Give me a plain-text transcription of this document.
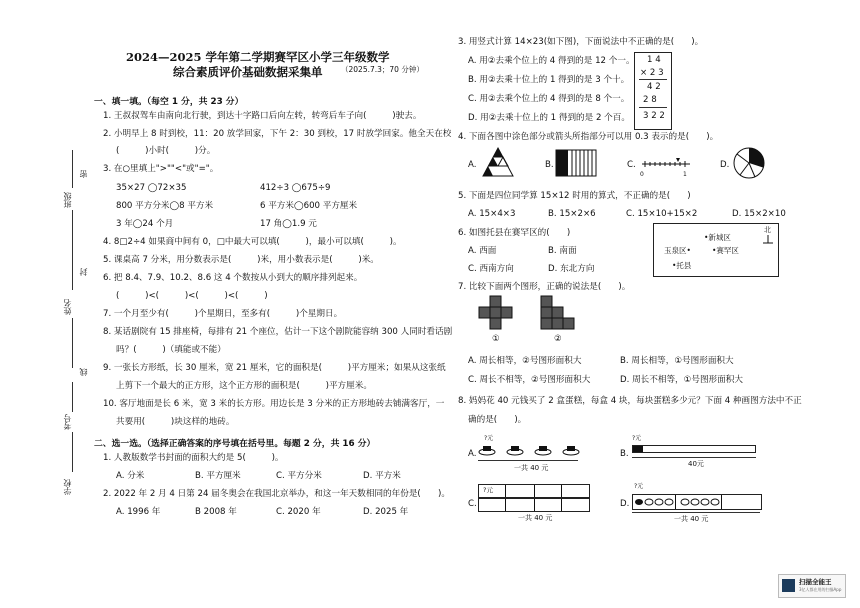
班级
密
封
姓名
线
考号
学校
2024—2025 学年第二学期赛罕区小学三年级数学
综合素质评价基础数据采集单 （2025.7.3；70 分钟）
一、填一填。（每空 1 分，共 23 分）
1. 王叔叔驾车由南向北行驶，到达十字路口后向左转，转弯后车子向(　　　)驶去。
2. 小明早上 8 时到校，11：20 放学回家，下午 2：30 到校，17 时放学回家。他全天在校
(　　　)小时(　　　)分。
3. 在○里填上">""<"或"="。
35×27 ◯72×35	412÷3 ◯675÷9
800 平方分米◯8 平方米	6 平方米◯600 平方厘米
3 年◯24 个月	17 角◯1.9 元
4. 8□2÷4 如果商中间有 0，□中最大可以填(　　　)，最小可以填(　　　)。
5. 课桌高 7 分米，用分数表示是(　　　)米，用小数表示是(　　　)米。
6. 把 8.4、7.9、10.2、8.6 这 4 个数按从小到大的顺序排列起来。
(　　　)<(　　　)<(　　　)<(　　　)
7. 一个月至少有(　　　)个星期日，至多有(　　　)个星期日。
8. 某话剧院有 15 排座椅，每排有 21 个座位，估计一下这个剧院能容纳 300 人同时看话剧
吗？(　　　)（填能或不能）
9. 一张长方形纸，长 30 厘米，宽 21 厘米，它的面积是(　　　)平方厘米；如果从这张纸
上剪下一个最大的正方形，这个正方形的面积是(　　　)平方厘米。
10. 客厅地面是长 6 米，宽 3 米的长方形。用边长是 3 分米的正方形地砖去铺满客厅，一
共要用(　　　)块这样的地砖。
二、选一选。（选择正确答案的序号填在括号里。每题 2 分，共 16 分）
1. 人教版数学书封面的面积大约是 5(　　　)。
A. 分米	B. 平方厘米	C. 平方分米	D. 平方米
2. 2022 年 2 月 4 日第 24 届冬奥会在我国北京举办，和这一年天数相同的年份是(　　)。
A. 1996 年	B 2008 年	C. 2020 年	D. 2025 年
3. 用竖式计算 14×23(如下图)，下面说法中不正确的是(　　)。
A. 用②去乘个位上的 4 得到的是 12 个一。
B. 用②去乘十位上的 1 得到的是 3 个十。
C. 用②去乘个位上的 4 得到的是 8 个一。
D. 用②去乘十位上的 1 得到的是 2 个百。
1 4
× 2 3
4 2
2 8
3 2 2
4. 下面各图中涂色部分或箭头所指部分可以用 0.3 表示的是(　　)。
A.	B.	C.
0	1
D.
5. 下面是四位同学算 15×12 时用的算式，不正确的是(　　)
A. 15×4×3	B. 15×2×6	C. 15×10+15×2	D. 15×2×10
6. 如图托县在赛罕区的(　　)
A. 西面	B. 南面
C. 西南方向	D. 东北方向
北
•新城区
玉泉区•	•赛罕区
•托县
7. 比较下面两个图形，正确的说法是(　　)。
①	②
A. 周长相等，②号图形面积大	B. 周长相等，①号图形面积大
C. 周长不相等，②号图形面积大	D. 周长不相等，①号图形面积大
8. 妈妈花 40 元钱买了 2 盒蛋糕，每盒 4 块，每块蛋糕多少元？下面 4 种画图方法中不正
确的是(　　)。
A.
?元
一共 40 元
B.
?元
40元
C.
?元
一共 40 元
D.
?元
一共 40 元
扫描全能王
3亿人都在用的扫描App
